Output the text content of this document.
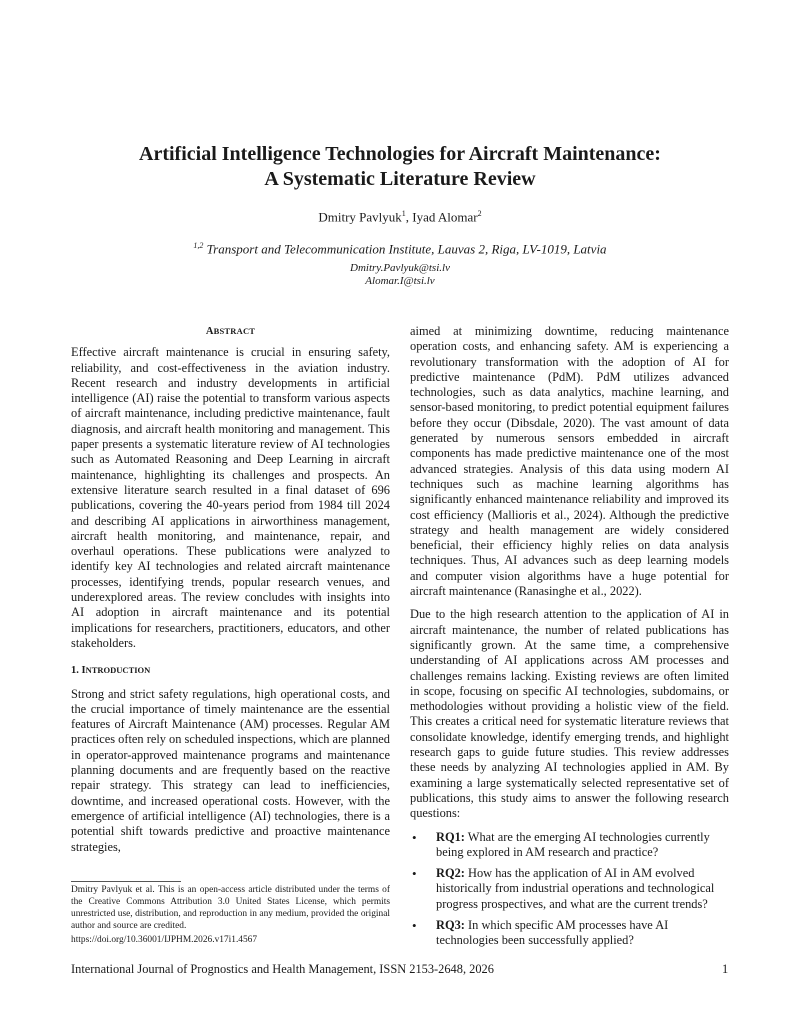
Artificial Intelligence Technologies for Aircraft Maintenance:
A Systematic Literature Review
Dmitry Pavlyuk$^1$, Iyad Alomar$^2$
$^{1,2}$ Transport and Telecommunication Institute, Lauvas 2, Riga, LV-1019, Latvia
Dmitry.Pavlyuk@tsi.lv
Alomar.I@tsi.lv
ABSTRACT

Effective aircraft maintenance is crucial in ensuring safety, reliability, and cost-effectiveness in the aviation industry. Recent research and industry developments in artificial intelligence (AI) raise the potential to transform various aspects of aircraft maintenance, including predictive maintenance, fault diagnosis, and aircraft health monitoring and management. This paper presents a systematic literature review of AI technologies such as Automated Reasoning and Deep Learning in aircraft maintenance, highlighting its challenges and prospects. An extensive literature search resulted in a final dataset of 696 publications, covering the 40-years period from 1984 till 2024 and describing AI applications in airworthiness management, aircraft health monitoring, and maintenance, repair, and overhaul operations. These publications were analyzed to identify key AI technologies and related aircraft maintenance processes, identifying trends, popular research venues, and underexplored areas. The review concludes with insights into AI adoption in aircraft maintenance and its potential implications for researchers, practitioners, educators, and other stakeholders.

1. INTRODUCTION

Strong and strict safety regulations, high operational costs, and the crucial importance of timely maintenance are the essential features of Aircraft Maintenance (AM) processes. Regular AM practices often rely on scheduled inspections, which are planned in operator-approved maintenance programs and maintenance planning documents and are frequently based on the reactive repair strategy. This strategy can lead to inefficiencies, downtime, and increased operational costs. However, with the emergence of artificial intelligence (AI) technologies, there is a potential shift towards predictive and proactive maintenance strategies,

aimed at minimizing downtime, reducing maintenance operation costs, and enhancing safety. AM is experiencing a revolutionary transformation with the adoption of AI for predictive maintenance (PdM). PdM utilizes advanced technologies, such as data analytics, machine learning, and sensor-based monitoring, to predict potential equipment failures before they occur (Dibsdale, 2020). The vast amount of data generated by numerous sensors embedded in aircraft components has made predictive maintenance one of the most advanced strategies. Analysis of this data using modern AI techniques such as machine learning algorithms has significantly enhanced maintenance reliability and improved its cost efficiency (Mallioris et al., 2024). Although the predictive strategy and health management are widely considered beneficial, their efficiency highly relies on data analysis techniques. Thus, AI advances such as deep learning models and computer vision algorithms have a huge potential for aircraft maintenance (Ranasinghe et al., 2022).

Due to the high research attention to the application of AI in aircraft maintenance, the number of related publications has significantly grown. At the same time, a comprehensive understanding of AI applications across AM processes and challenges remains lacking. Existing reviews are often limited in scope, focusing on specific AI technologies, subdomains, or methodologies without providing a holistic view of the field. This creates a critical need for systematic literature reviews that consolidate knowledge, identify emerging trends, and highlight research gaps to guide future studies. This review addresses these needs by analyzing AI technologies applied in AM. By examining a large systematically selected representative set of publications, this study aims to answer the following research questions:

• RQ1: What are the emerging AI technologies currently being explored in AM research and practice?
• RQ2: How has the application of AI in AM evolved historically from industrial operations and technological progress prospectives, and what are the current trends?
• RQ3: In which specific AM processes have AI technologies been successfully applied?
Dmitry Pavlyuk et al. This is an open-access article distributed under the terms of the Creative Commons Attribution 3.0 United States License, which permits unrestricted use, distribution, and reproduction in any medium, provided the original author and source are credited.
https://doi.org/10.36001/IJPHM.2026.v17i1.4567
International Journal of Prognostics and Health Management, ISSN 2153-2648, 2026	1
